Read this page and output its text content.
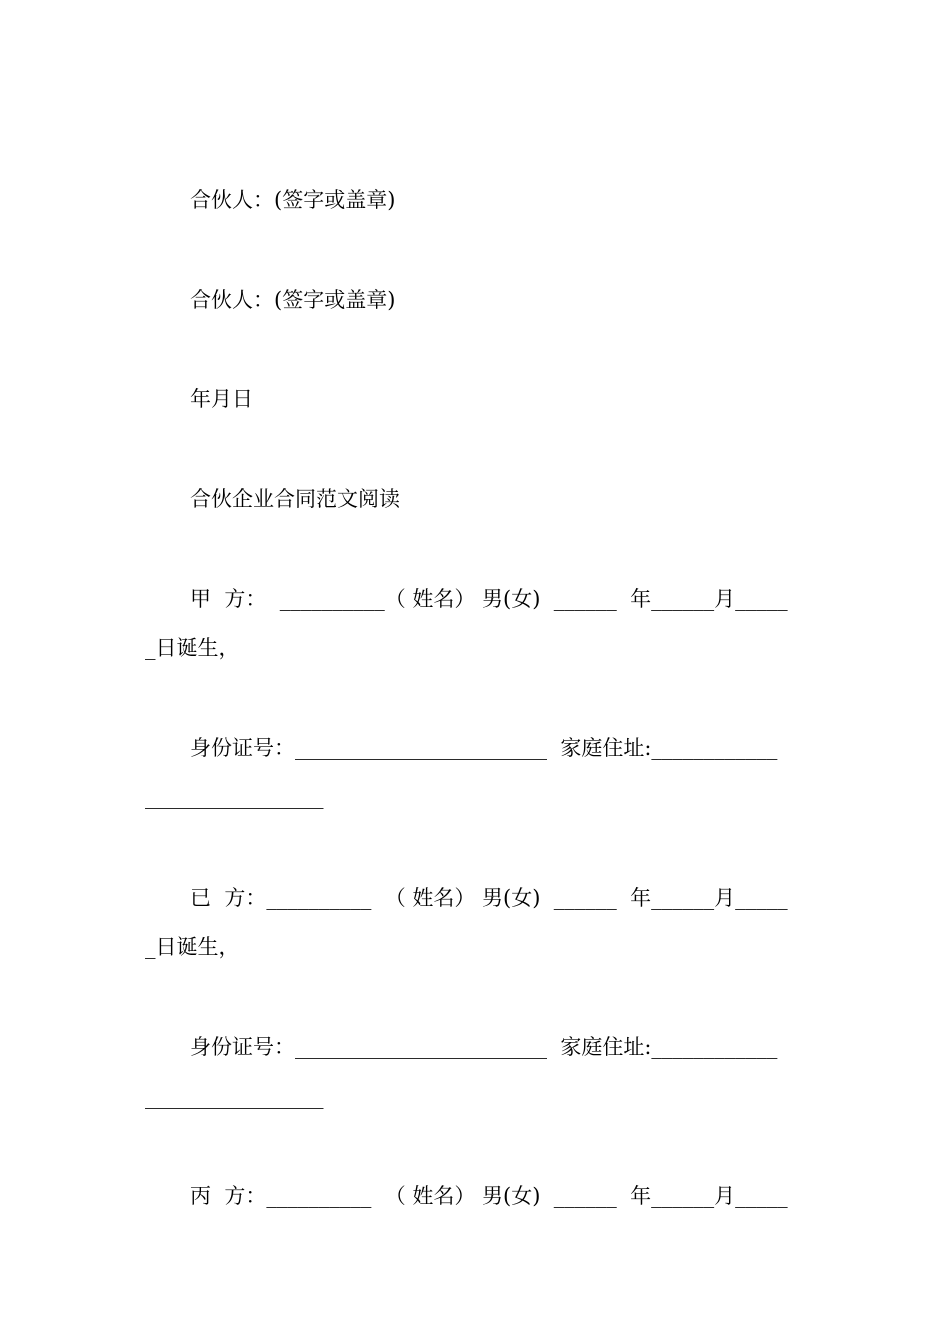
合伙人：(签字或盖章)
合伙人：(签字或盖章)
年月日
合伙企业合同范文阅读
甲  方：  __________（ 姓名） 男(女)  ______  年______月_____
_日诞生，
身份证号：________________________  家庭住址:____________
_________________
已  方：__________  （ 姓名） 男(女)  ______  年______月_____
_日诞生，
身份证号：________________________  家庭住址:____________
_________________
丙  方：__________  （ 姓名） 男(女)  ______  年______月_____
